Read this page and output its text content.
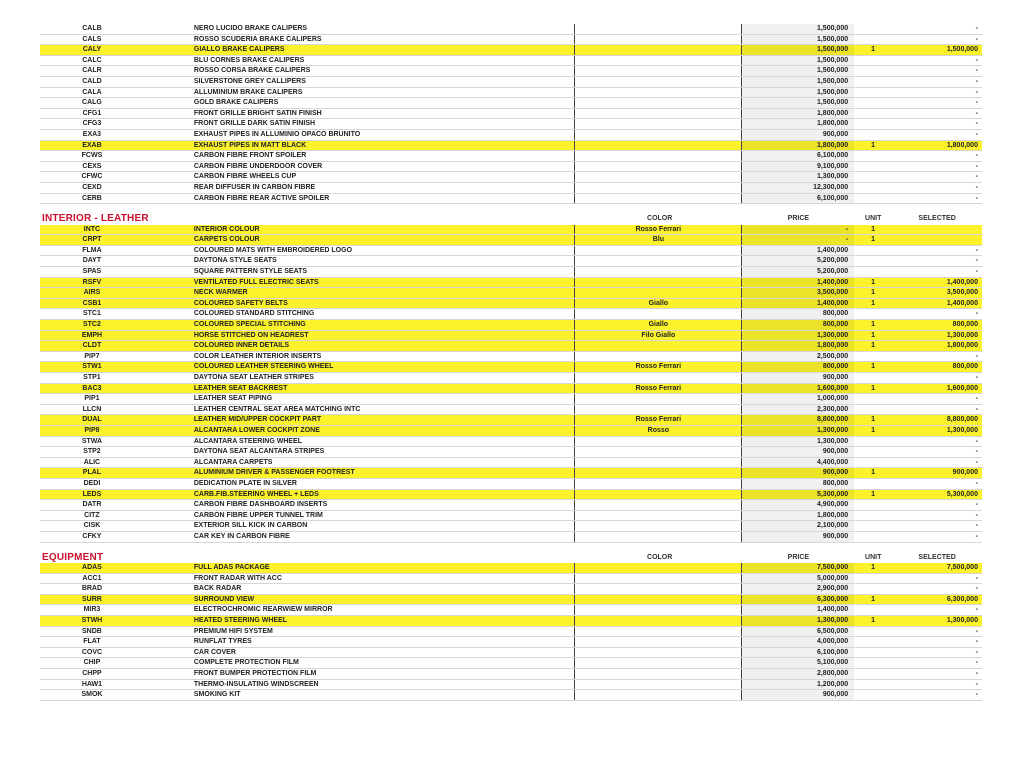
CALB	NERO LUCIDO BRAKE CALIPERS	1,500,000	-
CALS	ROSSO SCUDERIA BRAKE CALIPERS	1,500,000	-
CALY	GIALLO BRAKE CALIPERS	1,500,000	1	1,500,000
CALC	BLU CORNES BRAKE CALIPERS	1,500,000	-
CALR	ROSSO CORSA BRAKE CALIPERS	1,500,000	-
CALD	SILVERSTONE GREY CALLIPERS	1,500,000	-
CALA	ALLUMINIUM BRAKE CALIPERS	1,500,000	-
CALG	GOLD BRAKE CALIPERS	1,500,000	-
CFG1	FRONT GRILLE BRIGHT SATIN FINISH	1,800,000	-
CFG3	FRONT GRILLE DARK SATIN FINISH	1,800,000	-
EXA3	EXHAUST PIPES IN ALLUMINIO OPACO BRUNITO	900,000	-
EXAB	EXHAUST PIPES IN MATT BLACK	1,800,000	1	1,800,000
FCWS	CARBON FIBRE FRONT SPOILER	6,100,000	-
CEXS	CARBON FIBRE UNDERDOOR COVER	9,100,000	-
CFWC	CARBON FIBRE WHEELS CUP	1,300,000	-
CEXD	REAR DIFFUSER IN CARBON FIBRE	12,300,000	-
CERB	CARBON FIBRE REAR ACTIVE SPOILER	6,100,000	-
INTERIOR - LEATHER	COLOR	PRICE	UNIT	SELECTED
INTC	INTERIOR COLOUR	Rosso Ferrari	-	1
CRPT	CARPETS COLOUR	Blu	-	1
FLMA	COLOURED MATS WITH EMBROIDERED LOGO	1,400,000	-
DAYT	DAYTONA STYLE SEATS	5,200,000	-
SPAS	SQUARE PATTERN STYLE SEATS	5,200,000	-
RSFV	VENTILATED FULL ELECTRIC SEATS	1,400,000	1	1,400,000
AIRS	NECK WARMER	3,500,000	1	3,500,000
CSB1	COLOURED SAFETY BELTS	Giallo	1,400,000	1	1,400,000
STC1	COLOURED STANDARD STITCHING	800,000	-
STC2	COLOURED SPECIAL STITCHING	Giallo	800,000	1	800,000
EMPH	HORSE STITCHED ON HEADREST	Filo Giallo	1,300,000	1	1,300,000
CLDT	COLOURED INNER DETAILS	1,800,000	1	1,800,000
PIP7	COLOR LEATHER INTERIOR INSERTS	2,500,000	-
STW1	COLOURED LEATHER STEERING WHEEL	Rosso Ferrari	800,000	1	800,000
STP1	DAYTONA SEAT LEATHER STRIPES	900,000	-
BAC3	LEATHER SEAT BACKREST	Rosso Ferrari	1,600,000	1	1,600,000
PIP1	LEATHER SEAT PIPING	1,000,000	-
LLCN	LEATHER CENTRAL SEAT AREA MATCHING INTC	2,300,000	-
DUAL	LEATHER MID/UPPER COCKPIT PART	Rosso Ferrari	8,800,000	1	8,800,000
PIP8	ALCANTARA LOWER COCKPIT ZONE	Rosso	1,300,000	1	1,300,000
STWA	ALCANTARA STEERING WHEEL	1,300,000	-
STP2	DAYTONA SEAT ALCANTARA STRIPES	900,000	-
ALIC	ALCANTARA CARPETS	4,400,000	-
PLAL	ALUMINIUM DRIVER & PASSENGER FOOTREST	900,000	1	900,000
DEDI	DEDICATION PLATE IN SILVER	800,000	-
LEDS	CARB.FIB.STEERING WHEEL + LEDS	5,300,000	1	5,300,000
DATR	CARBON FIBRE DASHBOARD INSERTS	4,900,000	-
CITZ	CARBON FIBRE UPPER TUNNEL TRIM	1,800,000	-
CISK	EXTERIOR SILL KICK IN CARBON	2,100,000	-
CFKY	CAR KEY IN CARBON FIBRE	900,000	-
EQUIPMENT	COLOR	PRICE	UNIT	SELECTED
ADAS	FULL ADAS PACKAGE	7,500,000	1	7,500,000
ACC1	FRONT RADAR WITH ACC	5,000,000	-
BRAD	BACK RADAR	2,900,000	-
SURR	SURROUND VIEW	6,300,000	1	6,300,000
MIR3	ELECTROCHROMIC REARWIEW MIRROR	1,400,000	-
STWH	HEATED STEERING WHEEL	1,300,000	1	1,300,000
SNDB	PREMIUM HIFI SYSTEM	6,500,000	-
FLAT	RUNFLAT TYRES	4,000,000	-
COVC	CAR COVER	6,100,000	-
CHIP	COMPLETE PROTECTION FILM	5,100,000	-
CHPP	FRONT BUMPER PROTECTION FILM	2,800,000	-
HAW1	THERMO-INSULATING WINDSCREEN	1,200,000	-
SMOK	SMOKING KIT	900,000	-
